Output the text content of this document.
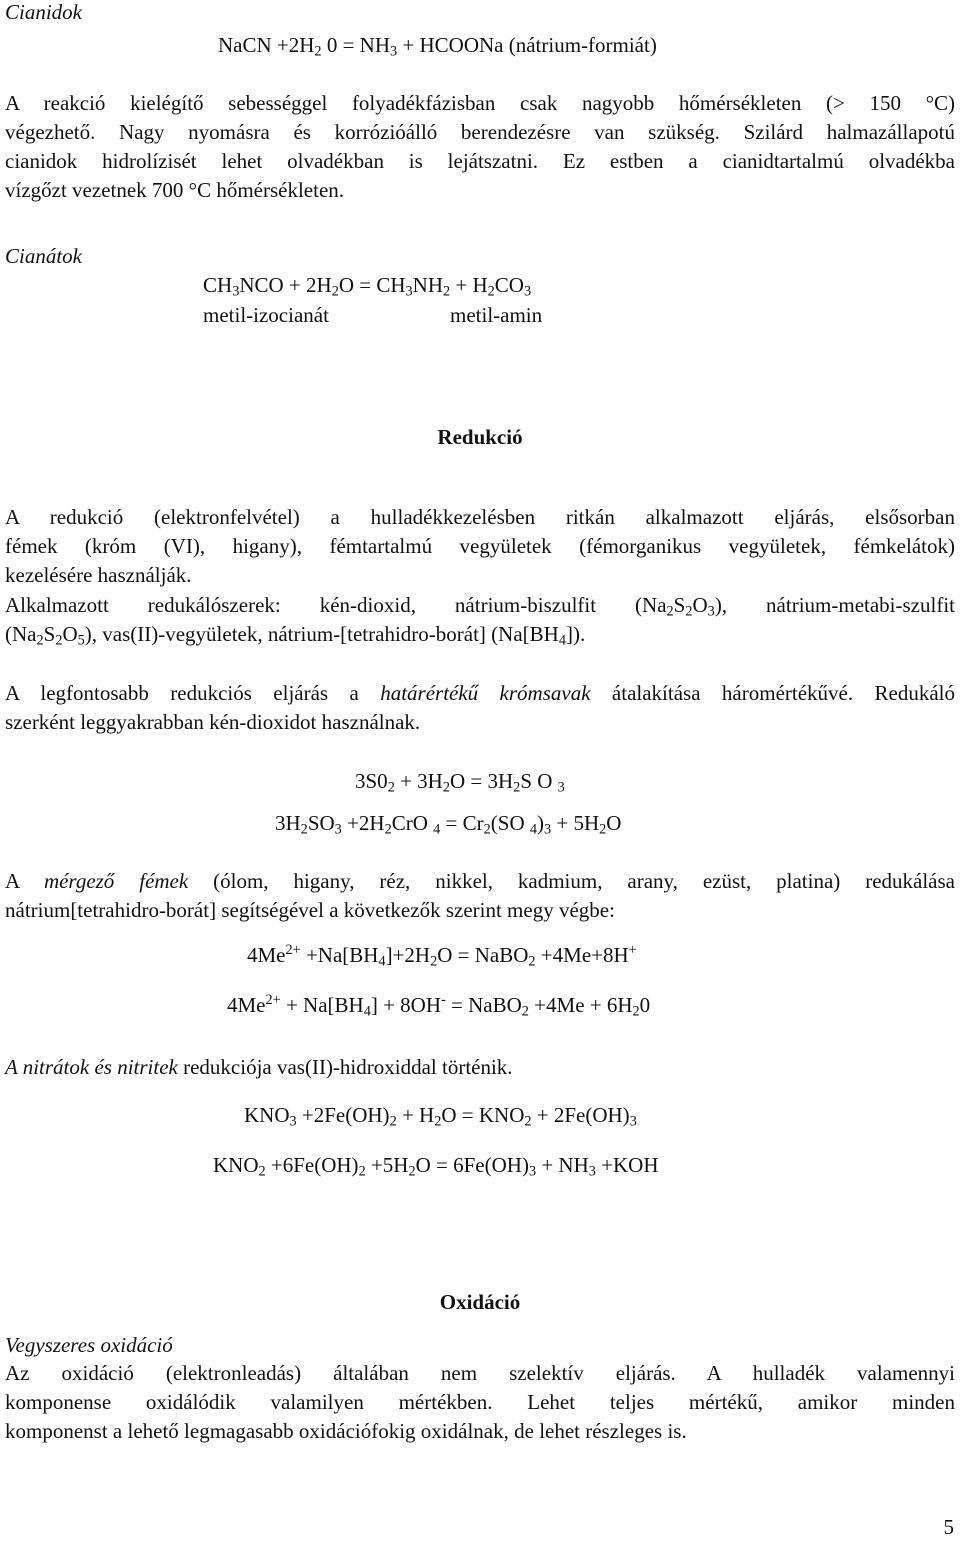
Cianidok
NaCN $+2H_2$ $0 = NH_3$ + HCOONa (nátrium-formiát)

A reakció kielégítő sebességgel folyadékfázisban csak nagyobb hőmérsékleten (> 150 °C)

végezhető. Nagy nyomásra és korrózióálló berendezésre van szükség. Szilárd halmazállapotú

cianidok hidrolízisét lehet olvadékban is lejátszatni. Ez estben a cianidtartalmú olvadékba

vízgőzt vezetnek 700 °C hőmérsékleten.

Cianátok
$CH_3NCO + 2H_2O = CH_3NH_2 + H_2CO_3$
metil-izocianát	metil-amin
Redukció

A redukció (elektronfelvétel) a hulladékkezelésben ritkán alkalmazott eljárás, elsősorban

fémek (króm (VI), higany), fémtartalmú vegyületek (fémorganikus vegyületek, fémkelátok)

kezelésére használják.

Alkalmazott redukálószerek: kén-dioxid, nátrium-biszulfit $(Na_2S_2O_3)$, nátrium-metabi-szulfit

$(Na_2S_2O_5)$, vas(II)-vegyületek, nátrium-[tetrahidro-borát] $(Na[BH_4])$.

A legfontosabb redukciós eljárás a határértékű krómsavak átalakítása háromértékűvé. Redukáló

szerként leggyakrabban kén-dioxidot használnak.

$3S0_2 + 3H_2O = 3H_2S$ O $_3$
$3H_2SO_3 +2H_2CrO$ $_4 = Cr_2(SO$ $_4)_3 + 5H_2O$

A mérgező fémek (ólom, higany, réz, nikkel, kadmium, arany, ezüst, platina) redukálása

nátrium[tetrahidro-borát] segítségével a következők szerint megy végbe:

$4Me^{2+} +Na[BH_4]+2H_2O$ = NaBO$_2$ +4Me+8H+
$4Me^{2+} + Na[BH_4] + 8OH^-$ = NaBO$_2$ $+4Me + 6H_20$
A nitrátok és nitritek redukciója vas(II)-hidroxiddal történik.
$KNO_3 +2Fe(OH)_2 + H_2O = KNO_2 + 2Fe(OH)_3$
$KNO_2 +6Fe(OH)_2 +5H_2O = 6Fe(OH)_3 + NH_3 +KOH$
Oxidáció
Vegyszeres oxidáció

Az oxidáció (elektronleadás) általában nem szelektív eljárás. A hulladék valamennyi

komponense oxidálódik valamilyen mértékben. Lehet teljes mértékű, amikor minden

komponenst a lehető legmagasabb oxidációfokig oxidálnak, de lehet részleges is.

5
